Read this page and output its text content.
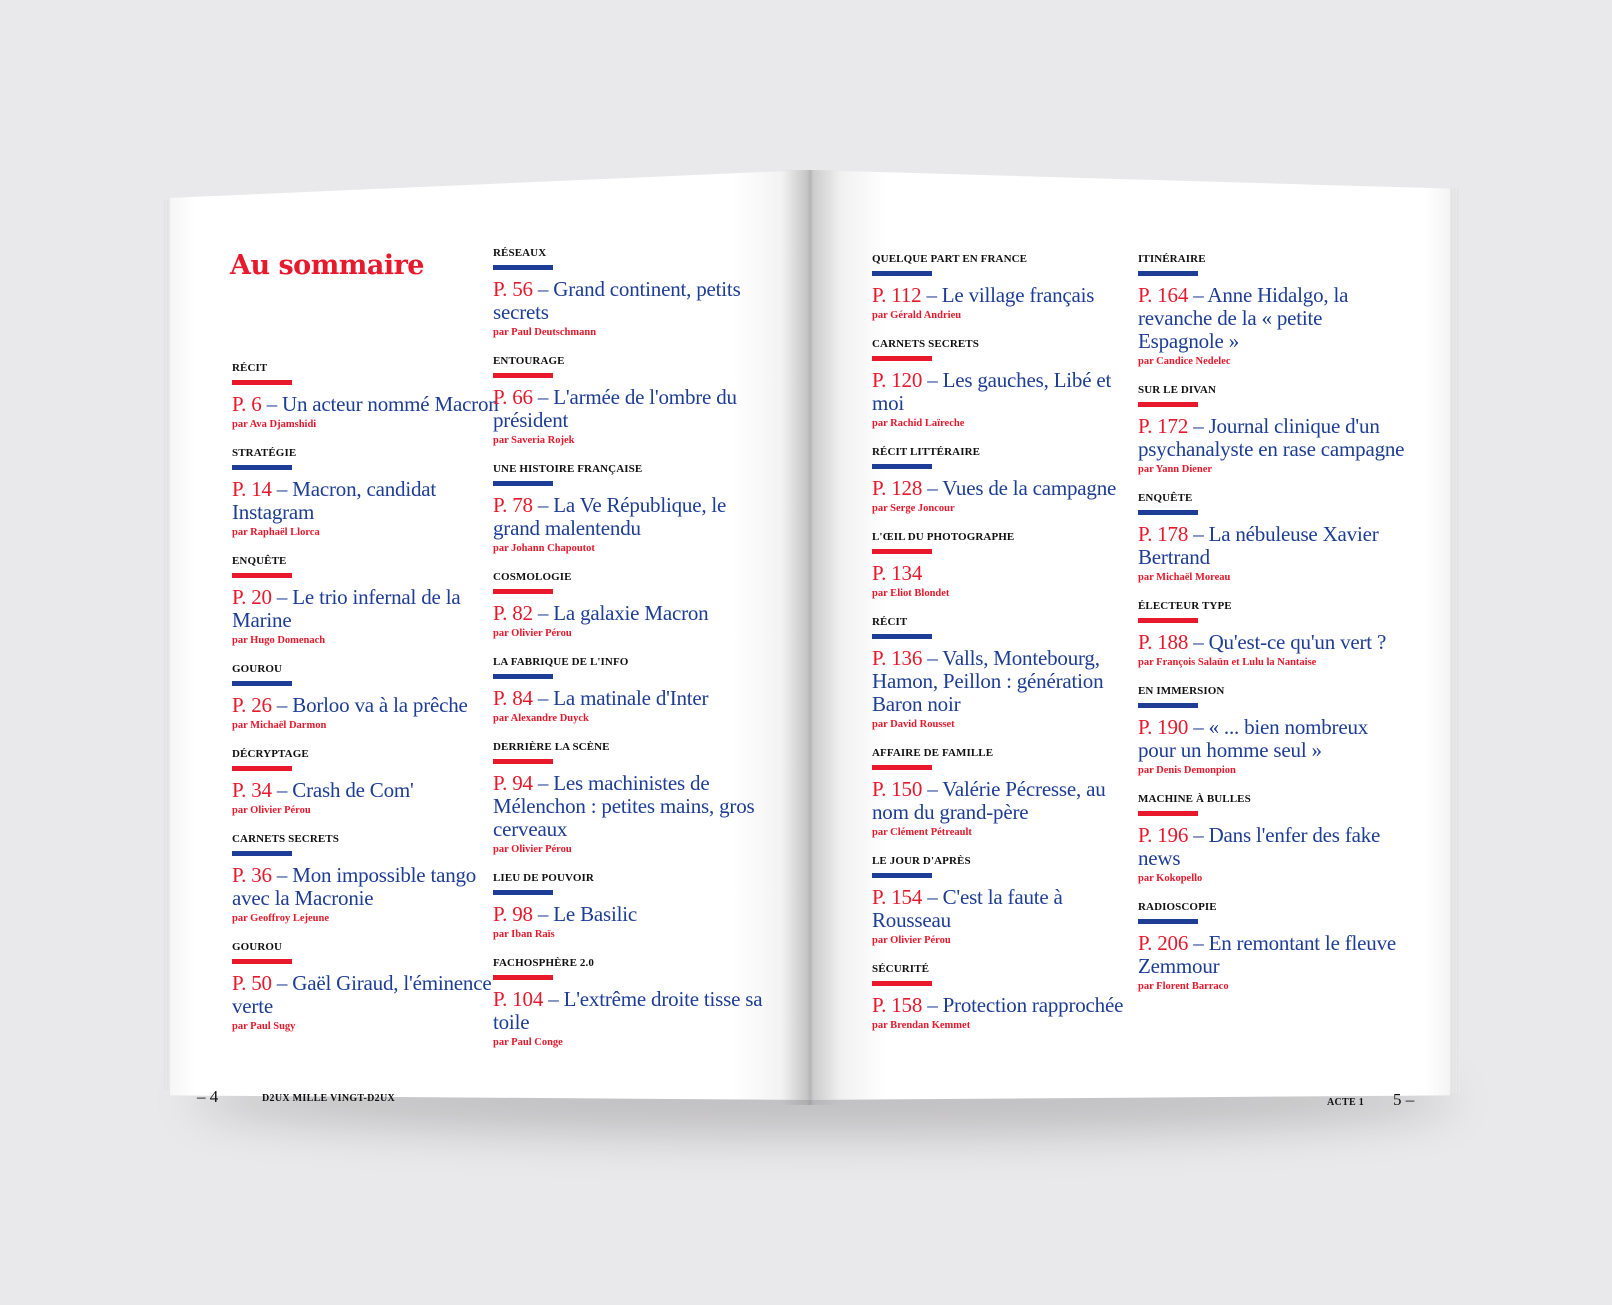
Au sommaire
RÉCIT
P. 6 – Un acteur nommé Macron
par Ava Djamshidi
STRATÉGIE
P. 14 – Macron, candidat Instagram
par Raphaël Llorca
ENQUÊTE
P. 20 – Le trio infernal de la Marine
par Hugo Domenach
GOUROU
P. 26 – Borloo va à la prêche
par Michaël Darmon
DÉCRYPTAGE
P. 34 – Crash de Com'
par Olivier Pérou
CARNETS SECRETS
P. 36 – Mon impossible tango avec la Macronie
par Geoffroy Lejeune
GOUROU
P. 50 – Gaël Giraud, l'éminence verte
par Paul Sugy
RÉSEAUX
P. 56 – Grand continent, petits secrets
par Paul Deutschmann
ENTOURAGE
P. 66 – L'armée de l'ombre du président
par Saveria Rojek
UNE HISTOIRE FRANÇAISE
P. 78 – La Ve République, le grand malentendu
par Johann Chapoutot
COSMOLOGIE
P. 82 – La galaxie Macron
par Olivier Pérou
LA FABRIQUE DE L'INFO
P. 84 – La matinale d'Inter
par Alexandre Duyck
DERRIÈRE LA SCÈNE
P. 94 – Les machinistes de Mélenchon : petites mains, gros cerveaux
par Olivier Pérou
LIEU DE POUVOIR
P. 98 – Le Basilic
par Iban Raïs
FACHOSPHÈRE 2.0
P. 104 – L'extrême droite tisse sa toile
par Paul Conge
QUELQUE PART EN FRANCE
P. 112 – Le village français
par Gérald Andrieu
CARNETS SECRETS
P. 120 – Les gauches, Libé et moi
par Rachid Laïreche
RÉCIT LITTÉRAIRE
P. 128 – Vues de la campagne
par Serge Joncour
L'ŒIL DU PHOTOGRAPHE
P. 134
par Eliot Blondet
RÉCIT
P. 136 – Valls, Montebourg, Hamon, Peillon : génération Baron noir
par David Rousset
AFFAIRE DE FAMILLE
P. 150 – Valérie Pécresse, au nom du grand-père
par Clément Pétreault
LE JOUR D'APRÈS
P. 154 – C'est la faute à Rousseau
par Olivier Pérou
SÉCURITÉ
P. 158 – Protection rapprochée
par Brendan Kemmet
ITINÉRAIRE
P. 164 – Anne Hidalgo, la revanche de la « petite Espagnole »
par Candice Nedelec
SUR LE DIVAN
P. 172 – Journal clinique d'un psychanalyste en rase campagne
par Yann Diener
ENQUÊTE
P. 178 – La nébuleuse Xavier Bertrand
par Michaël Moreau
ÉLECTEUR TYPE
P. 188 – Qu'est-ce qu'un vert ?
par François Salaün et Lulu la Nantaise
EN IMMERSION
P. 190 – « ... bien nombreux pour un homme seul »
par Denis Demonpion
MACHINE À BULLES
P. 196 – Dans l'enfer des fake news
par Kokopello
RADIOSCOPIE
P. 206 – En remontant le fleuve Zemmour
par Florent Barraco
– 4	D2UX MILLE VINGT-D2UX	ACTE 1 5 –
